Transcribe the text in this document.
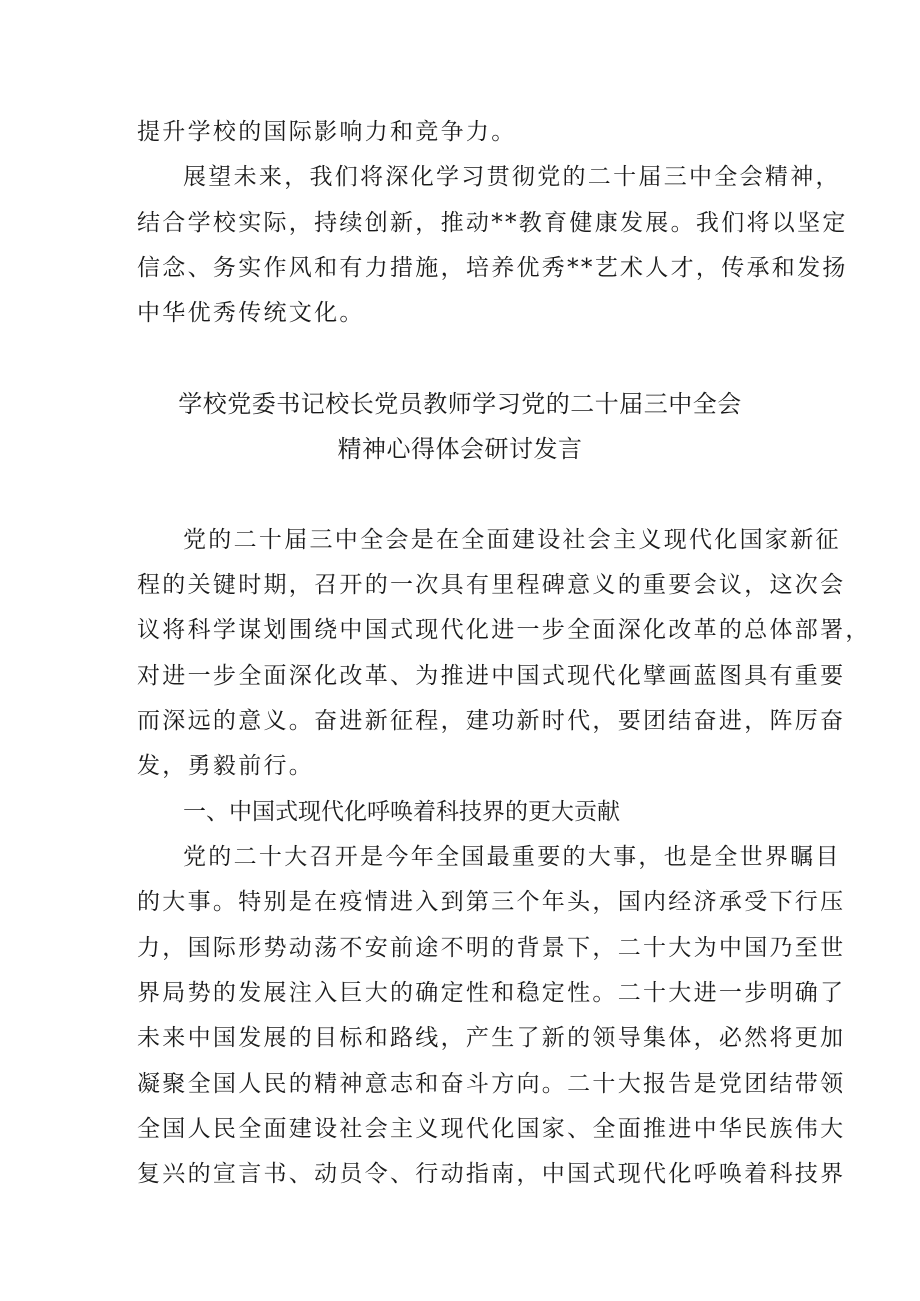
提升学校的国际影响力和竞争力。
展望未来，我们将深化学习贯彻党的二十届三中全会精神，
结合学校实际，持续创新，推动**教育健康发展。我们将以坚定
信念、务实作风和有力措施，培养优秀**艺术人才，传承和发扬
中华优秀传统文化。
学校党委书记校长党员教师学习党的二十届三中全会
精神心得体会研讨发言
党的二十届三中全会是在全面建设社会主义现代化国家新征
程的关键时期，召开的一次具有里程碑意义的重要会议，这次会
议将科学谋划围绕中国式现代化进一步全面深化改革的总体部署，
对进一步全面深化改革、为推进中国式现代化擘画蓝图具有重要
而深远的意义。奋进新征程，建功新时代，要团结奋进，阵厉奋
发，勇毅前行。
一、中国式现代化呼唤着科技界的更大贡献
党的二十大召开是今年全国最重要的大事，也是全世界瞩目
的大事。特别是在疫情进入到第三个年头，国内经济承受下行压
力，国际形势动荡不安前途不明的背景下，二十大为中国乃至世
界局势的发展注入巨大的确定性和稳定性。二十大进一步明确了
未来中国发展的目标和路线，产生了新的领导集体，必然将更加
凝聚全国人民的精神意志和奋斗方向。二十大报告是党团结带领
全国人民全面建设社会主义现代化国家、全面推进中华民族伟大
复兴的宣言书、动员令、行动指南，中国式现代化呼唤着科技界
